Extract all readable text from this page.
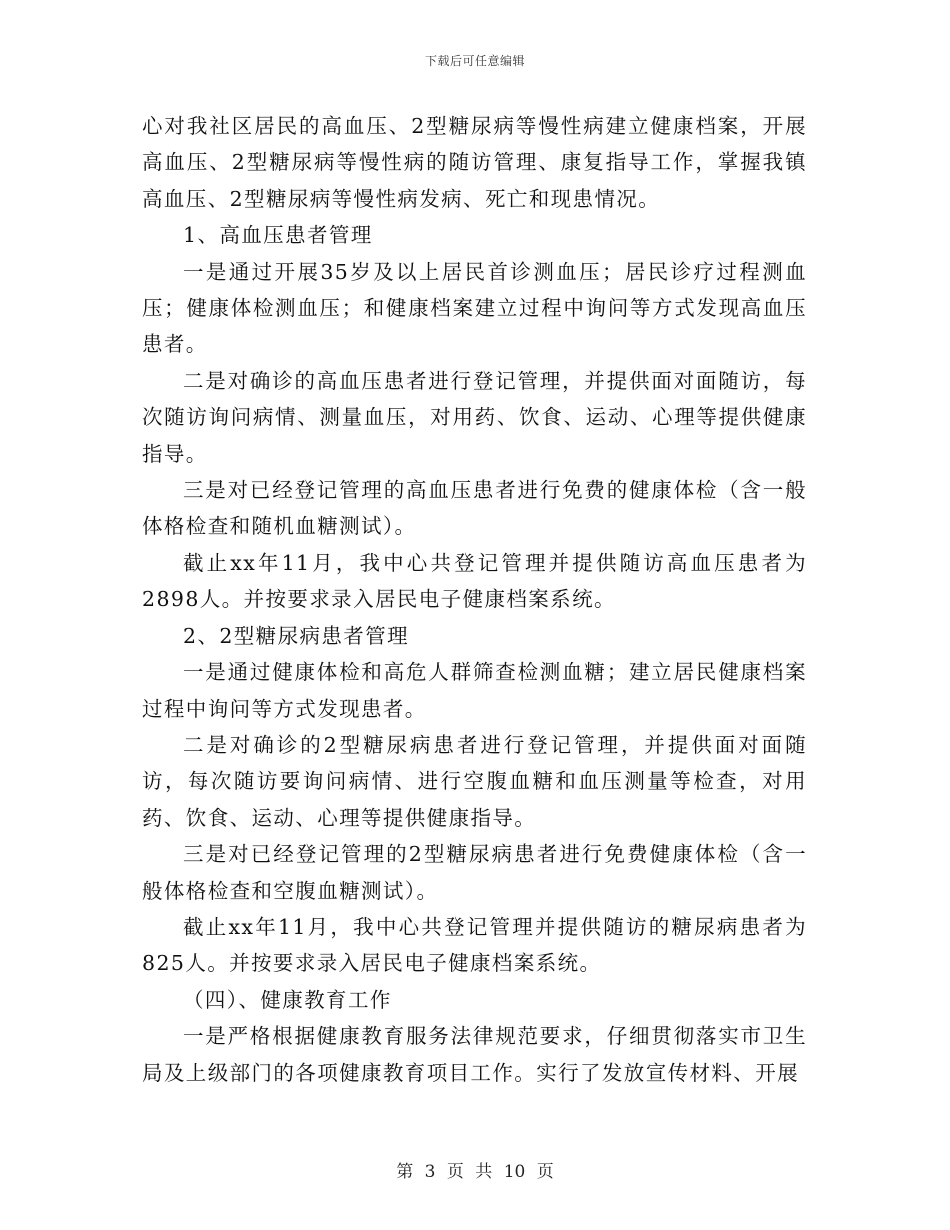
下载后可任意编辑

心对我社区居民的高血压、2型糖尿病等慢性病建立健康档案，开展高血压、2型糖尿病等慢性病的随访管理、康复指导工作，掌握我镇高血压、2型糖尿病等慢性病发病、死亡和现患情况。

1、高血压患者管理

一是通过开展35岁及以上居民首诊测血压；居民诊疗过程测血压；健康体检测血压；和健康档案建立过程中询问等方式发现高血压患者。

二是对确诊的高血压患者进行登记管理，并提供面对面随访，每次随访询问病情、测量血压，对用药、饮食、运动、心理等提供健康指导。

三是对已经登记管理的高血压患者进行免费的健康体检（含一般体格检查和随机血糖测试）。

截止xx年11月，我中心共登记管理并提供随访高血压患者为2898人。并按要求录入居民电子健康档案系统。

2、2型糖尿病患者管理

一是通过健康体检和高危人群筛查检测血糖；建立居民健康档案过程中询问等方式发现患者。

二是对确诊的2型糖尿病患者进行登记管理，并提供面对面随访，每次随访要询问病情、进行空腹血糖和血压测量等检查，对用药、饮食、运动、心理等提供健康指导。

三是对已经登记管理的2型糖尿病患者进行免费健康体检（含一般体格检查和空腹血糖测试）。

截止xx年11月，我中心共登记管理并提供随访的糖尿病患者为825人。并按要求录入居民电子健康档案系统。

（四）、健康教育工作

一是严格根据健康教育服务法律规范要求，仔细贯彻落实市卫生局及上级部门的各项健康教育项目工作。实行了发放宣传材料、开展

第 3 页 共 10 页
